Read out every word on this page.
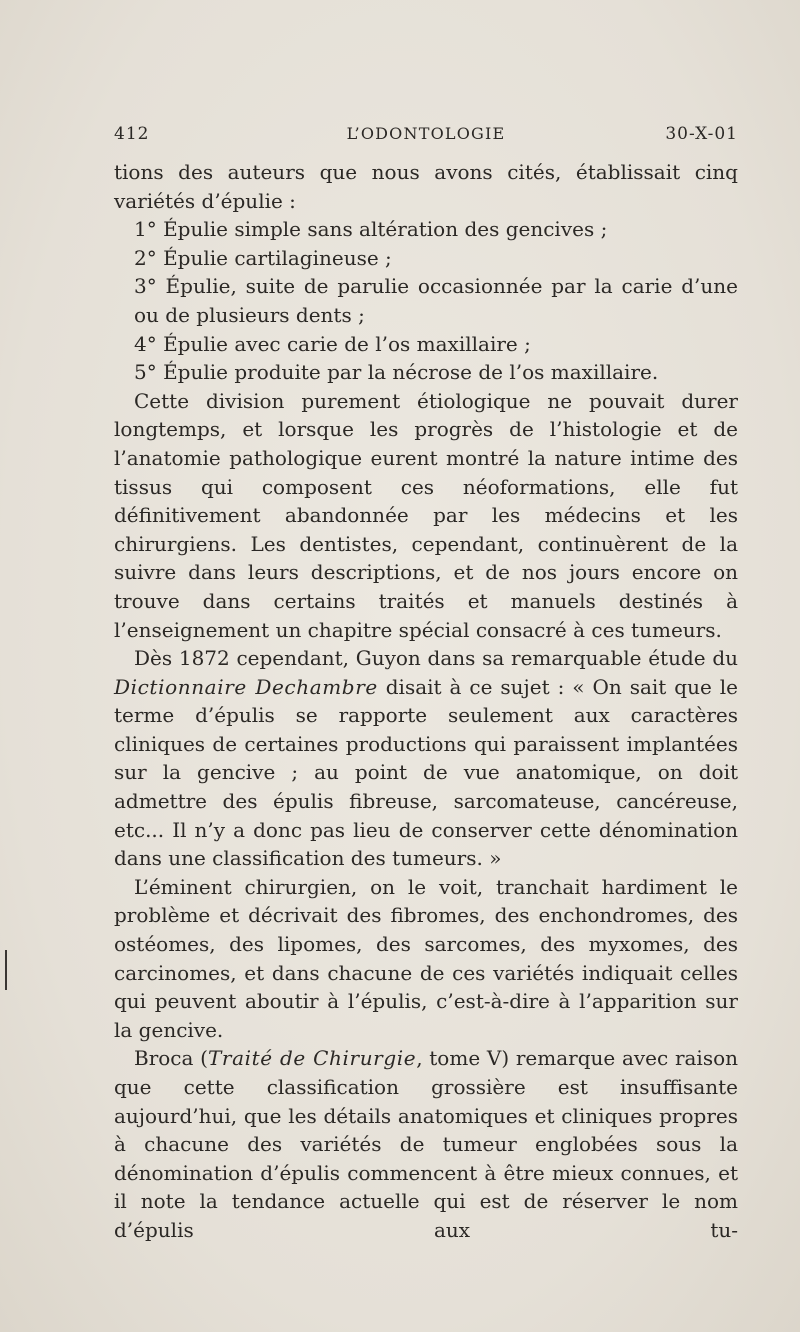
412	L’ODONTOLOGIE	30-X-01

tions des auteurs que nous avons cités, établissait cinq variétés d’épulie :

1° Épulie simple sans altération des gencives ;

2° Épulie cartilagineuse ;

3° Épulie, suite de parulie occasionnée par la carie d’une ou de plusieurs dents ;

4° Épulie avec carie de l’os maxillaire ;

5° Épulie produite par la nécrose de l’os maxillaire.

Cette division purement étiologique ne pouvait durer longtemps, et lorsque les progrès de l’histologie et de l’anatomie pathologique eurent montré la nature intime des tissus qui composent ces néoformations, elle fut définitivement abandonnée par les médecins et les chirurgiens. Les dentistes, cependant, continuèrent de la suivre dans leurs descriptions, et de nos jours encore on trouve dans certains traités et manuels destinés à l’enseignement un chapitre spécial consacré à ces tumeurs.

Dès 1872 cependant, Guyon dans sa remarquable étude du Dictionnaire Dechambre disait à ce sujet : « On sait que le terme d’épulis se rapporte seulement aux caractères cliniques de certaines productions qui paraissent implantées sur la gencive ; au point de vue anatomique, on doit admettre des épulis fibreuse, sarcomateuse, cancéreuse, etc... Il n’y a donc pas lieu de conserver cette dénomination dans une classification des tumeurs. »

L’éminent chirurgien, on le voit, tranchait hardiment le problème et décrivait des fibromes, des enchondromes, des ostéomes, des lipomes, des sarcomes, des myxomes, des carcinomes, et dans chacune de ces variétés indiquait celles qui peuvent aboutir à l’épulis, c’est-à-dire à l’apparition sur la gencive.

Broca (Traité de Chirurgie, tome V) remarque avec raison que cette classification grossière est insuffisante aujourd’hui, que les détails anatomiques et cliniques propres à chacune des variétés de tumeur englobées sous la dénomination d’épulis commencent à être mieux connues, et il note la tendance actuelle qui est de réserver le nom d’épulis aux tu-
